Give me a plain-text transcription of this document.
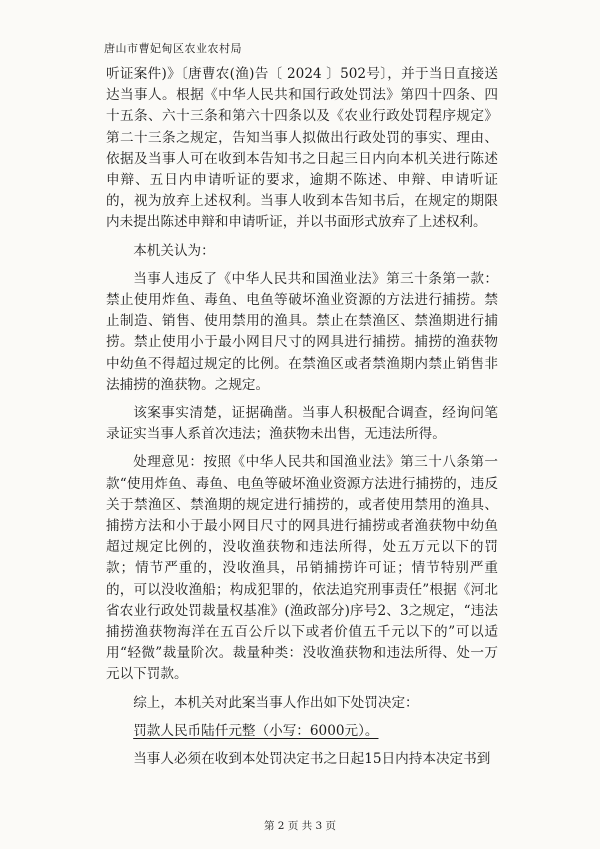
唐山市曹妃甸区农业农村局

听证案件)》〔唐曹农(渔)告〔 2024 〕502号〕，并于当日直接送达当事人。根据《中华人民共和国行政处罚法》第四十四条、四十五条、六十三条和第六十四条以及《农业行政处罚程序规定》第二十三条之规定，告知当事人拟做出行政处罚的事实、理由、依据及当事人可在收到本告知书之日起三日内向本机关进行陈述申辩、五日内申请听证的要求，逾期不陈述、申辩、申请听证的，视为放弃上述权利。当事人收到本告知书后，在规定的期限内未提出陈述申辩和申请听证，并以书面形式放弃了上述权利。

本机关认为：

当事人违反了《中华人民共和国渔业法》第三十条第一款：禁止使用炸鱼、毒鱼、电鱼等破坏渔业资源的方法进行捕捞。禁止制造、销售、使用禁用的渔具。禁止在禁渔区、禁渔期进行捕捞。禁止使用小于最小网目尺寸的网具进行捕捞。捕捞的渔获物中幼鱼不得超过规定的比例。在禁渔区或者禁渔期内禁止销售非法捕捞的渔获物。之规定。

该案事实清楚，证据确凿。当事人积极配合调查，经询问笔录证实当事人系首次违法；渔获物未出售，无违法所得。

处理意见：按照《中华人民共和国渔业法》第三十八条第一款“使用炸鱼、毒鱼、电鱼等破坏渔业资源方法进行捕捞的，违反关于禁渔区、禁渔期的规定进行捕捞的，或者使用禁用的渔具、捕捞方法和小于最小网目尺寸的网具进行捕捞或者渔获物中幼鱼超过规定比例的，没收渔获物和违法所得，处五万元以下的罚款；情节严重的，没收渔具，吊销捕捞许可证；情节特别严重的，可以没收渔船；构成犯罪的，依法追究刑事责任”根据《河北省农业行政处罚裁量权基准》(渔政部分)序号2、3之规定，“违法捕捞渔获物海洋在五百公斤以下或者价值五千元以下的”可以适用“轻微”裁量阶次。裁量种类：没收渔获物和违法所得、处一万元以下罚款。

综上，本机关对此案当事人作出如下处罚决定：

罚款人民币陆仟元整（小写：6000元）。

当事人必须在收到本处罚决定书之日起15日内持本决定书到

第 2 页 共 3 页
